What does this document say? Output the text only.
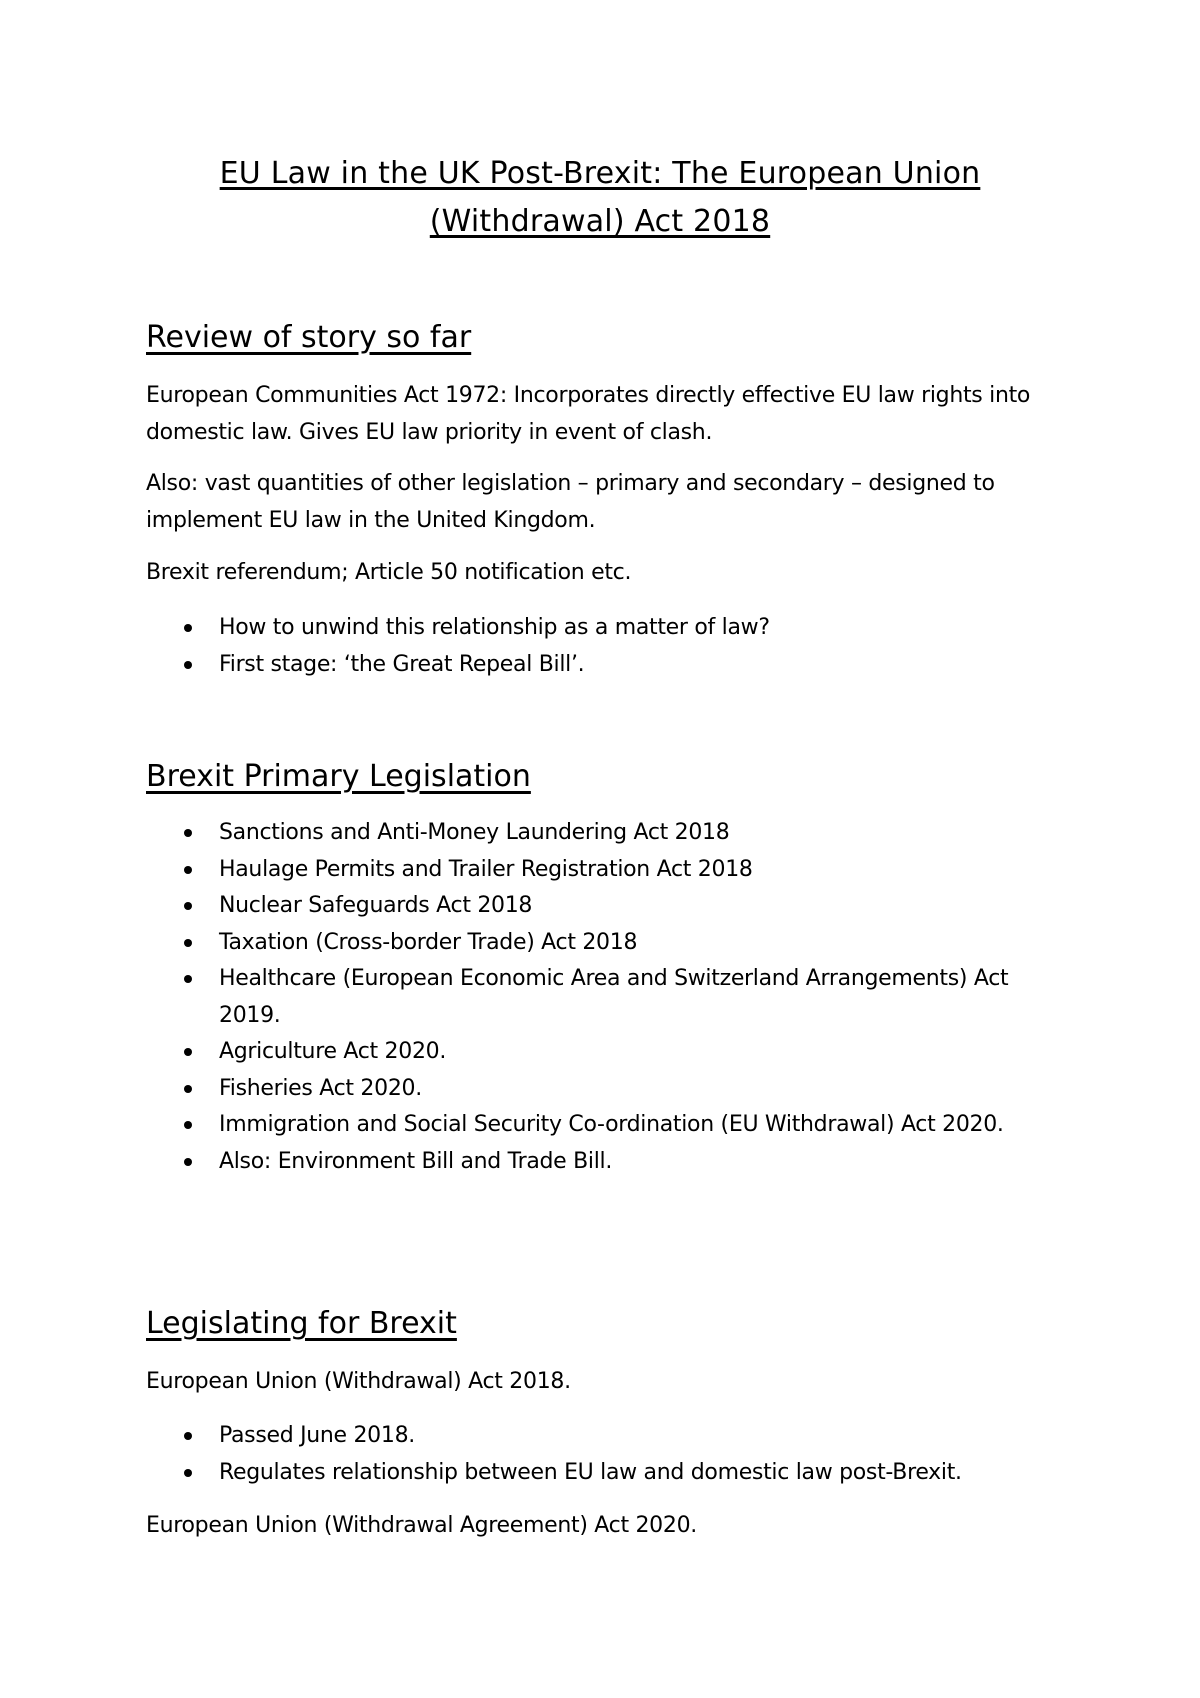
EU Law in the UK Post-Brexit: The European Union
(Withdrawal) Act 2018
Review of story so far
European Communities Act 1972: Incorporates directly effective EU law rights into domestic law. Gives EU law priority in event of clash.
Also: vast quantities of other legislation – primary and secondary – designed to implement EU law in the United Kingdom.
Brexit referendum; Article 50 notification etc.
How to unwind this relationship as a matter of law?
First stage: ‘the Great Repeal Bill’.
Brexit Primary Legislation
Sanctions and Anti-Money Laundering Act 2018
Haulage Permits and Trailer Registration Act 2018
Nuclear Safeguards Act 2018
Taxation (Cross-border Trade) Act 2018
Healthcare (European Economic Area and Switzerland Arrangements) Act 2019.
Agriculture Act 2020.
Fisheries Act 2020.
Immigration and Social Security Co-ordination (EU Withdrawal) Act 2020.
Also: Environment Bill and Trade Bill.
Legislating for Brexit
European Union (Withdrawal) Act 2018.
Passed June 2018.
Regulates relationship between EU law and domestic law post-Brexit.
European Union (Withdrawal Agreement) Act 2020.
